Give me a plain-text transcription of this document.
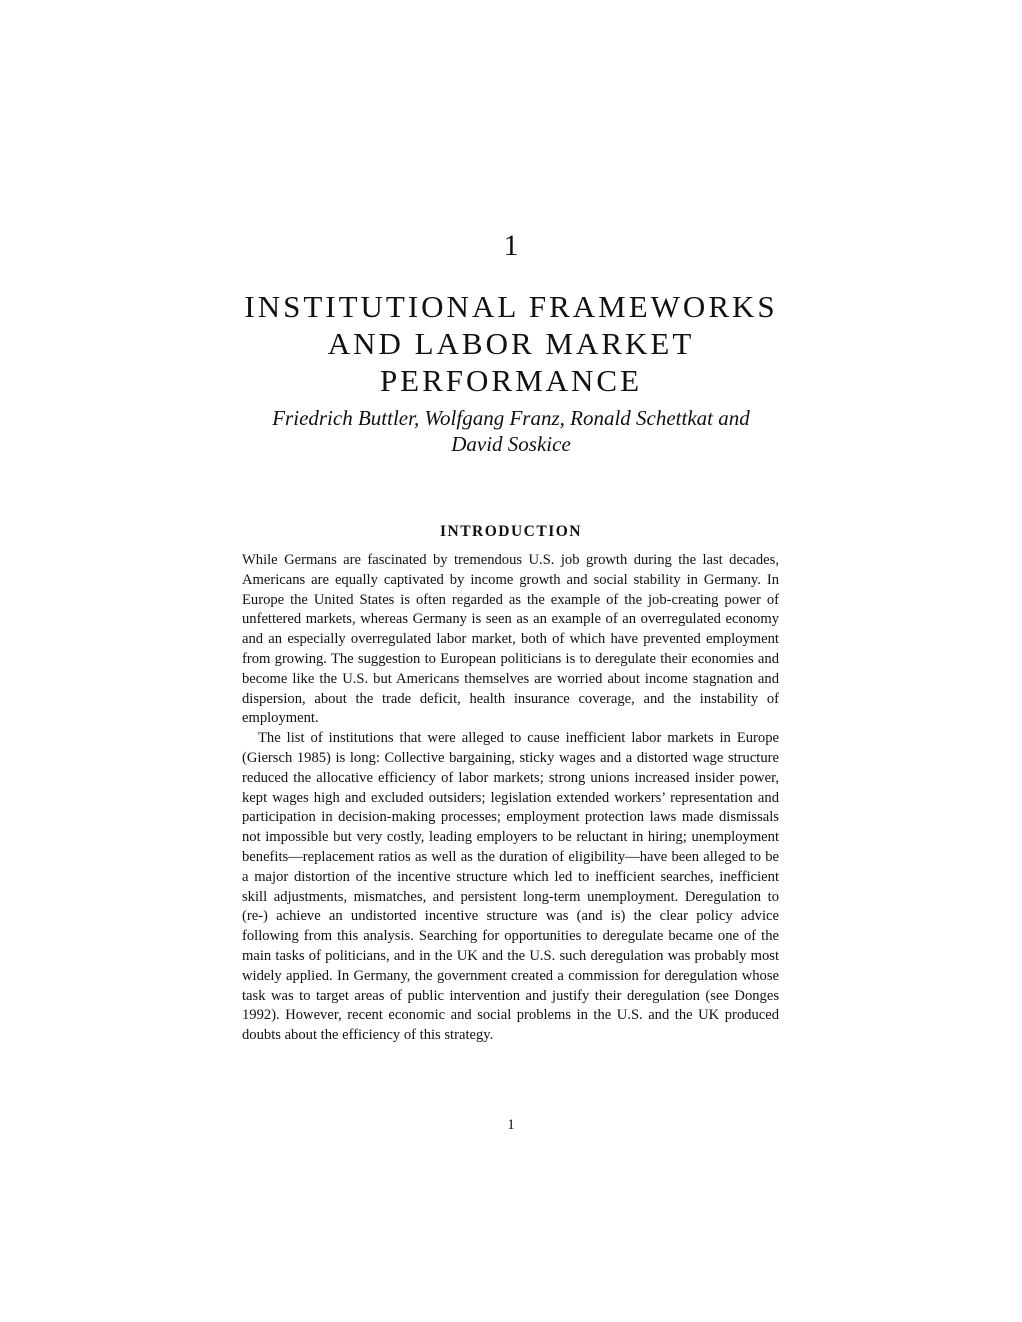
1
INSTITUTIONAL FRAMEWORKS
AND LABOR MARKET
PERFORMANCE
Friedrich Buttler, Wolfgang Franz, Ronald Schettkat and
David Soskice
INTRODUCTION

While Germans are fascinated by tremendous U.S. job growth during the last decades, Americans are equally captivated by income growth and social stability in Germany. In Europe the United States is often regarded as the example of the job-creating power of unfettered markets, whereas Germany is seen as an example of an overregulated economy and an especially overregulated labor market, both of which have prevented employment from growing. The suggestion to European politicians is to deregulate their economies and become like the U.S. but Americans themselves are worried about income stagnation and dispersion, about the trade deficit, health insurance coverage, and the instability of employment.

The list of institutions that were alleged to cause inefficient labor markets in Europe (Giersch 1985) is long: Collective bargaining, sticky wages and a distorted wage structure reduced the allocative efficiency of labor markets; strong unions increased insider power, kept wages high and excluded outsiders; legislation extended workers’ representation and participation in decision-making processes; employment protection laws made dismissals not impossible but very costly, leading employers to be reluctant in hiring; unemployment benefits—replacement ratios as well as the duration of eligibility—have been alleged to be a major distortion of the incentive structure which led to inefficient searches, inefficient skill adjustments, mismatches, and persistent long-term unemployment. Deregulation to (re-) achieve an undistorted incentive structure was (and is) the clear policy advice following from this analysis. Searching for opportunities to deregulate became one of the main tasks of politicians, and in the UK and the U.S. such deregulation was probably most widely applied. In Germany, the government created a commission for deregulation whose task was to target areas of public intervention and justify their deregulation (see Donges 1992). However, recent economic and social problems in the U.S. and the UK produced doubts about the efficiency of this strategy.

1
